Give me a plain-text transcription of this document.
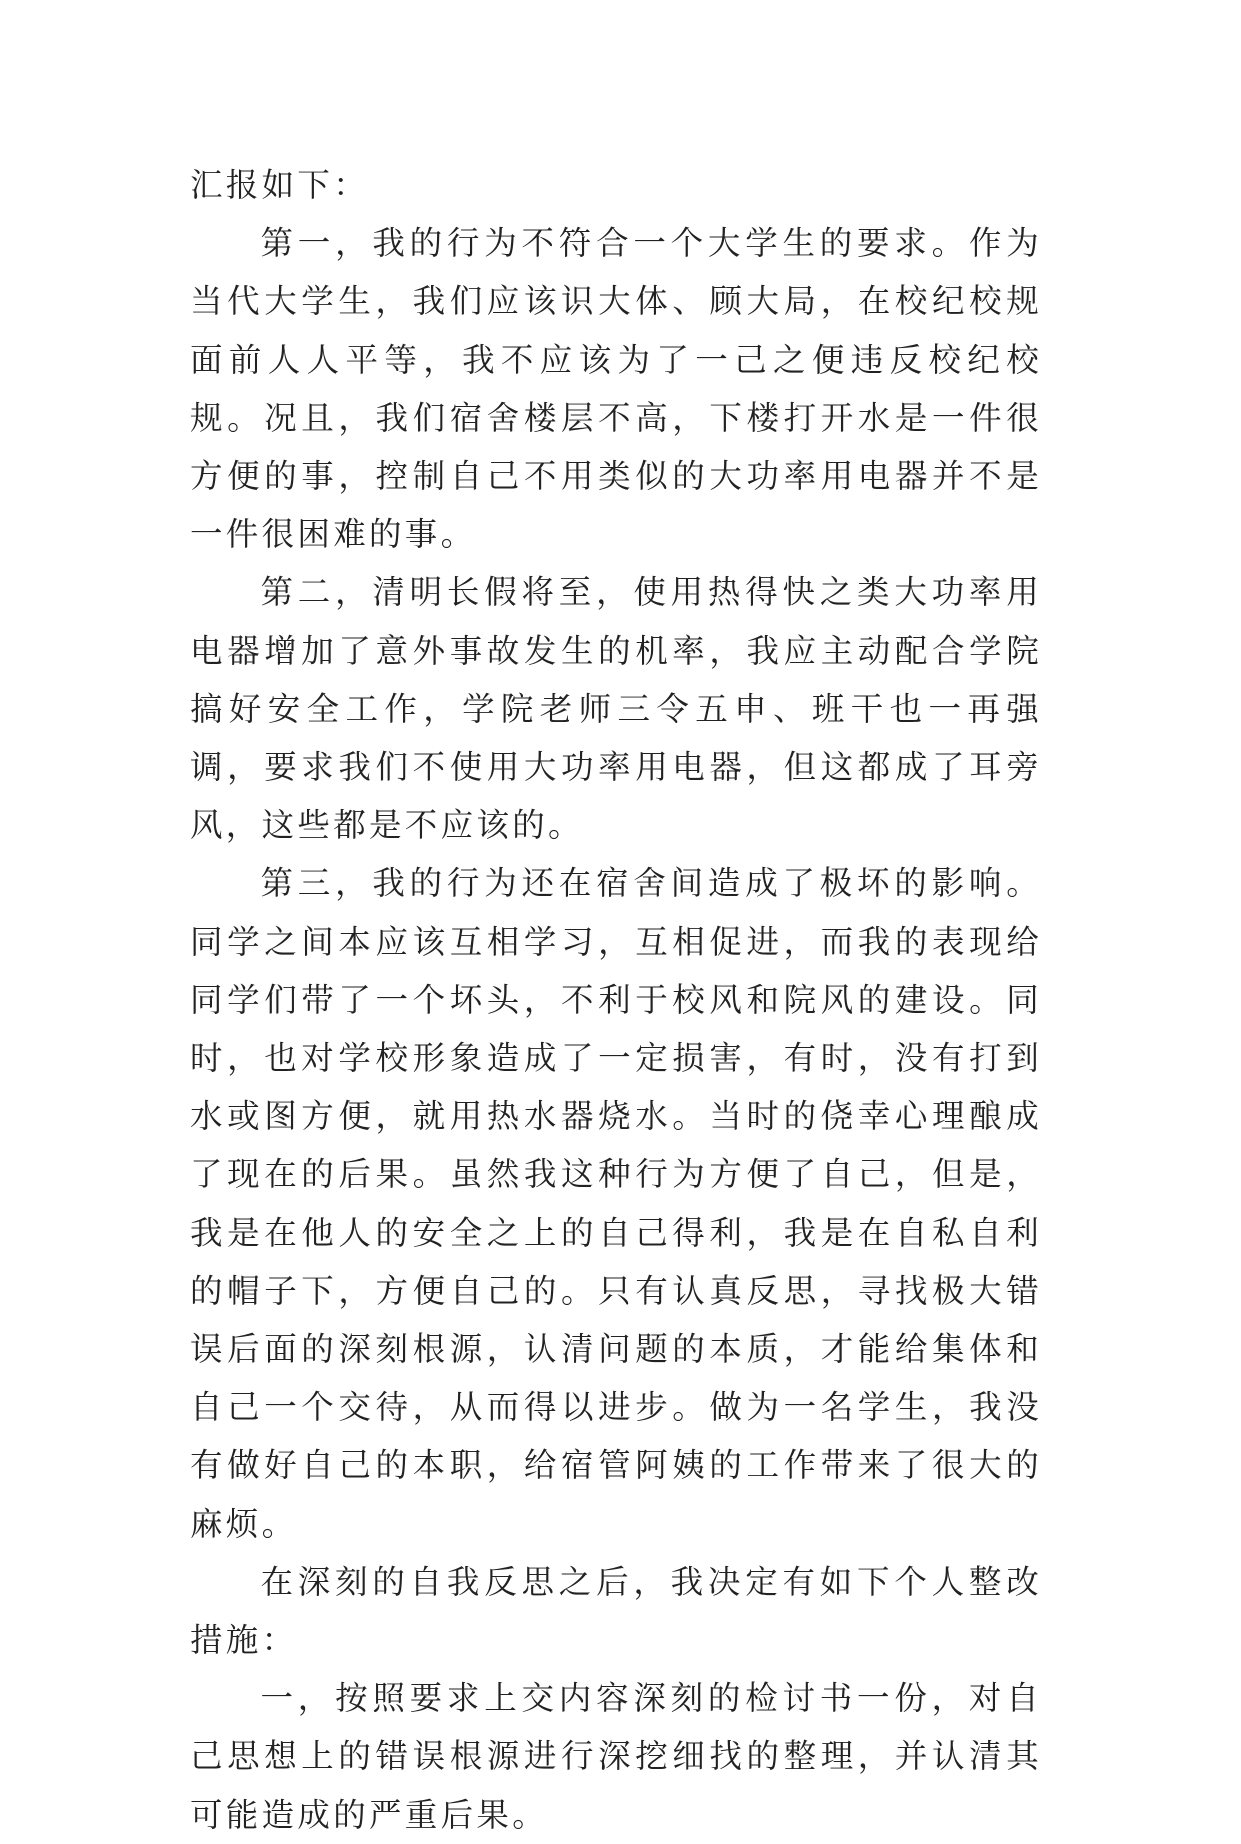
汇报如下：

第一，我的行为不符合一个大学生的要求。作为当代大学生，我们应该识大体、顾大局，在校纪校规面前人人平等，我不应该为了一己之便违反校纪校规。况且，我们宿舍楼层不高，下楼打开水是一件很方便的事，控制自己不用类似的大功率用电器并不是一件很困难的事。

第二，清明长假将至，使用热得快之类大功率用电器增加了意外事故发生的机率，我应主动配合学院搞好安全工作，学院老师三令五申、班干也一再强调，要求我们不使用大功率用电器，但这都成了耳旁风，这些都是不应该的。

第三，我的行为还在宿舍间造成了极坏的影响。同学之间本应该互相学习，互相促进，而我的表现给同学们带了一个坏头，不利于校风和院风的建设。同时，也对学校形象造成了一定损害，有时，没有打到水或图方便，就用热水器烧水。当时的侥幸心理酿成了现在的后果。虽然我这种行为方便了自己，但是，我是在他人的安全之上的自己得利，我是在自私自利的帽子下，方便自己的。只有认真反思，寻找极大错误后面的深刻根源，认清问题的本质，才能给集体和自己一个交待，从而得以进步。做为一名学生，我没有做好自己的本职，给宿管阿姨的工作带来了很大的麻烦。

在深刻的自我反思之后，我决定有如下个人整改措施：

一，按照要求上交内容深刻的检讨书一份，对自己思想上的错误根源进行深挖细找的整理，并认清其可能造成的严重后果。
